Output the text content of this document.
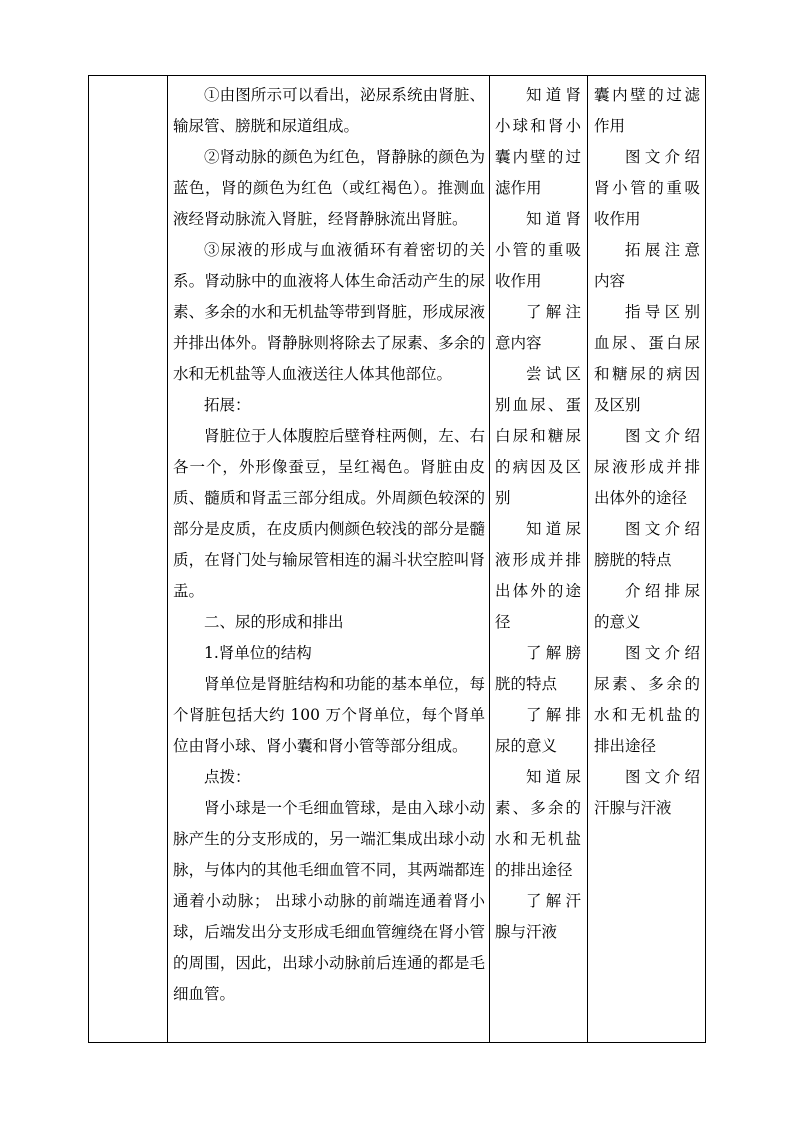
①由图所示可以看出，泌尿系统由肾脏、输尿管、膀胱和尿道组成。

②肾动脉的颜色为红色，肾静脉的颜色为蓝色，肾的颜色为红色（或红褐色）。推测血液经肾动脉流入肾脏，经肾静脉流出肾脏。

③尿液的形成与血液循环有着密切的关系。肾动脉中的血液将人体生命活动产生的尿素、多余的水和无机盐等带到肾脏，形成尿液并排出体外。肾静脉则将除去了尿素、多余的水和无机盐等人血液送往人体其他部位。

拓展：

肾脏位于人体腹腔后壁脊柱两侧，左、右各一个，外形像蚕豆，呈红褐色。肾脏由皮质、髓质和肾盂三部分组成。外周颜色较深的部分是皮质，在皮质内侧颜色较浅的部分是髓质，在肾门处与输尿管相连的漏斗状空腔叫肾盂。

二、尿的形成和排出

1.肾单位的结构

肾单位是肾脏结构和功能的基本单位，每个肾脏包括大约 100 万个肾单位，每个肾单位由肾小球、肾小囊和肾小管等部分组成。

点拨：

肾小球是一个毛细血管球，是由入球小动脉产生的分支形成的，另一端汇集成出球小动脉，与体内的其他毛细血管不同，其两端都连通着小动脉； 出球小动脉的前端连通着肾小球，后端发出分支形成毛细血管缠绕在肾小管的周围，因此，出球小动脉前后连通的都是毛细血管。

知道肾小球和肾小囊内壁的过滤作用

知道肾小管的重吸收作用

了解注意内容

尝试区别血尿、蛋白尿和糖尿的病因及区别

知道尿液形成并排出体外的途径

了解膀胱的特点

了解排尿的意义

知道尿素、多余的水和无机盐的排出途径

了解汗腺与汗液

囊内壁的过滤作用

图文介绍肾小管的重吸收作用

拓展注意内容

指导区别血尿、蛋白尿和糖尿的病因及区别

图文介绍尿液形成并排出体外的途径

图文介绍膀胱的特点

介绍排尿的意义

图文介绍尿素、多余的水和无机盐的排出途径

图文介绍汗腺与汗液
